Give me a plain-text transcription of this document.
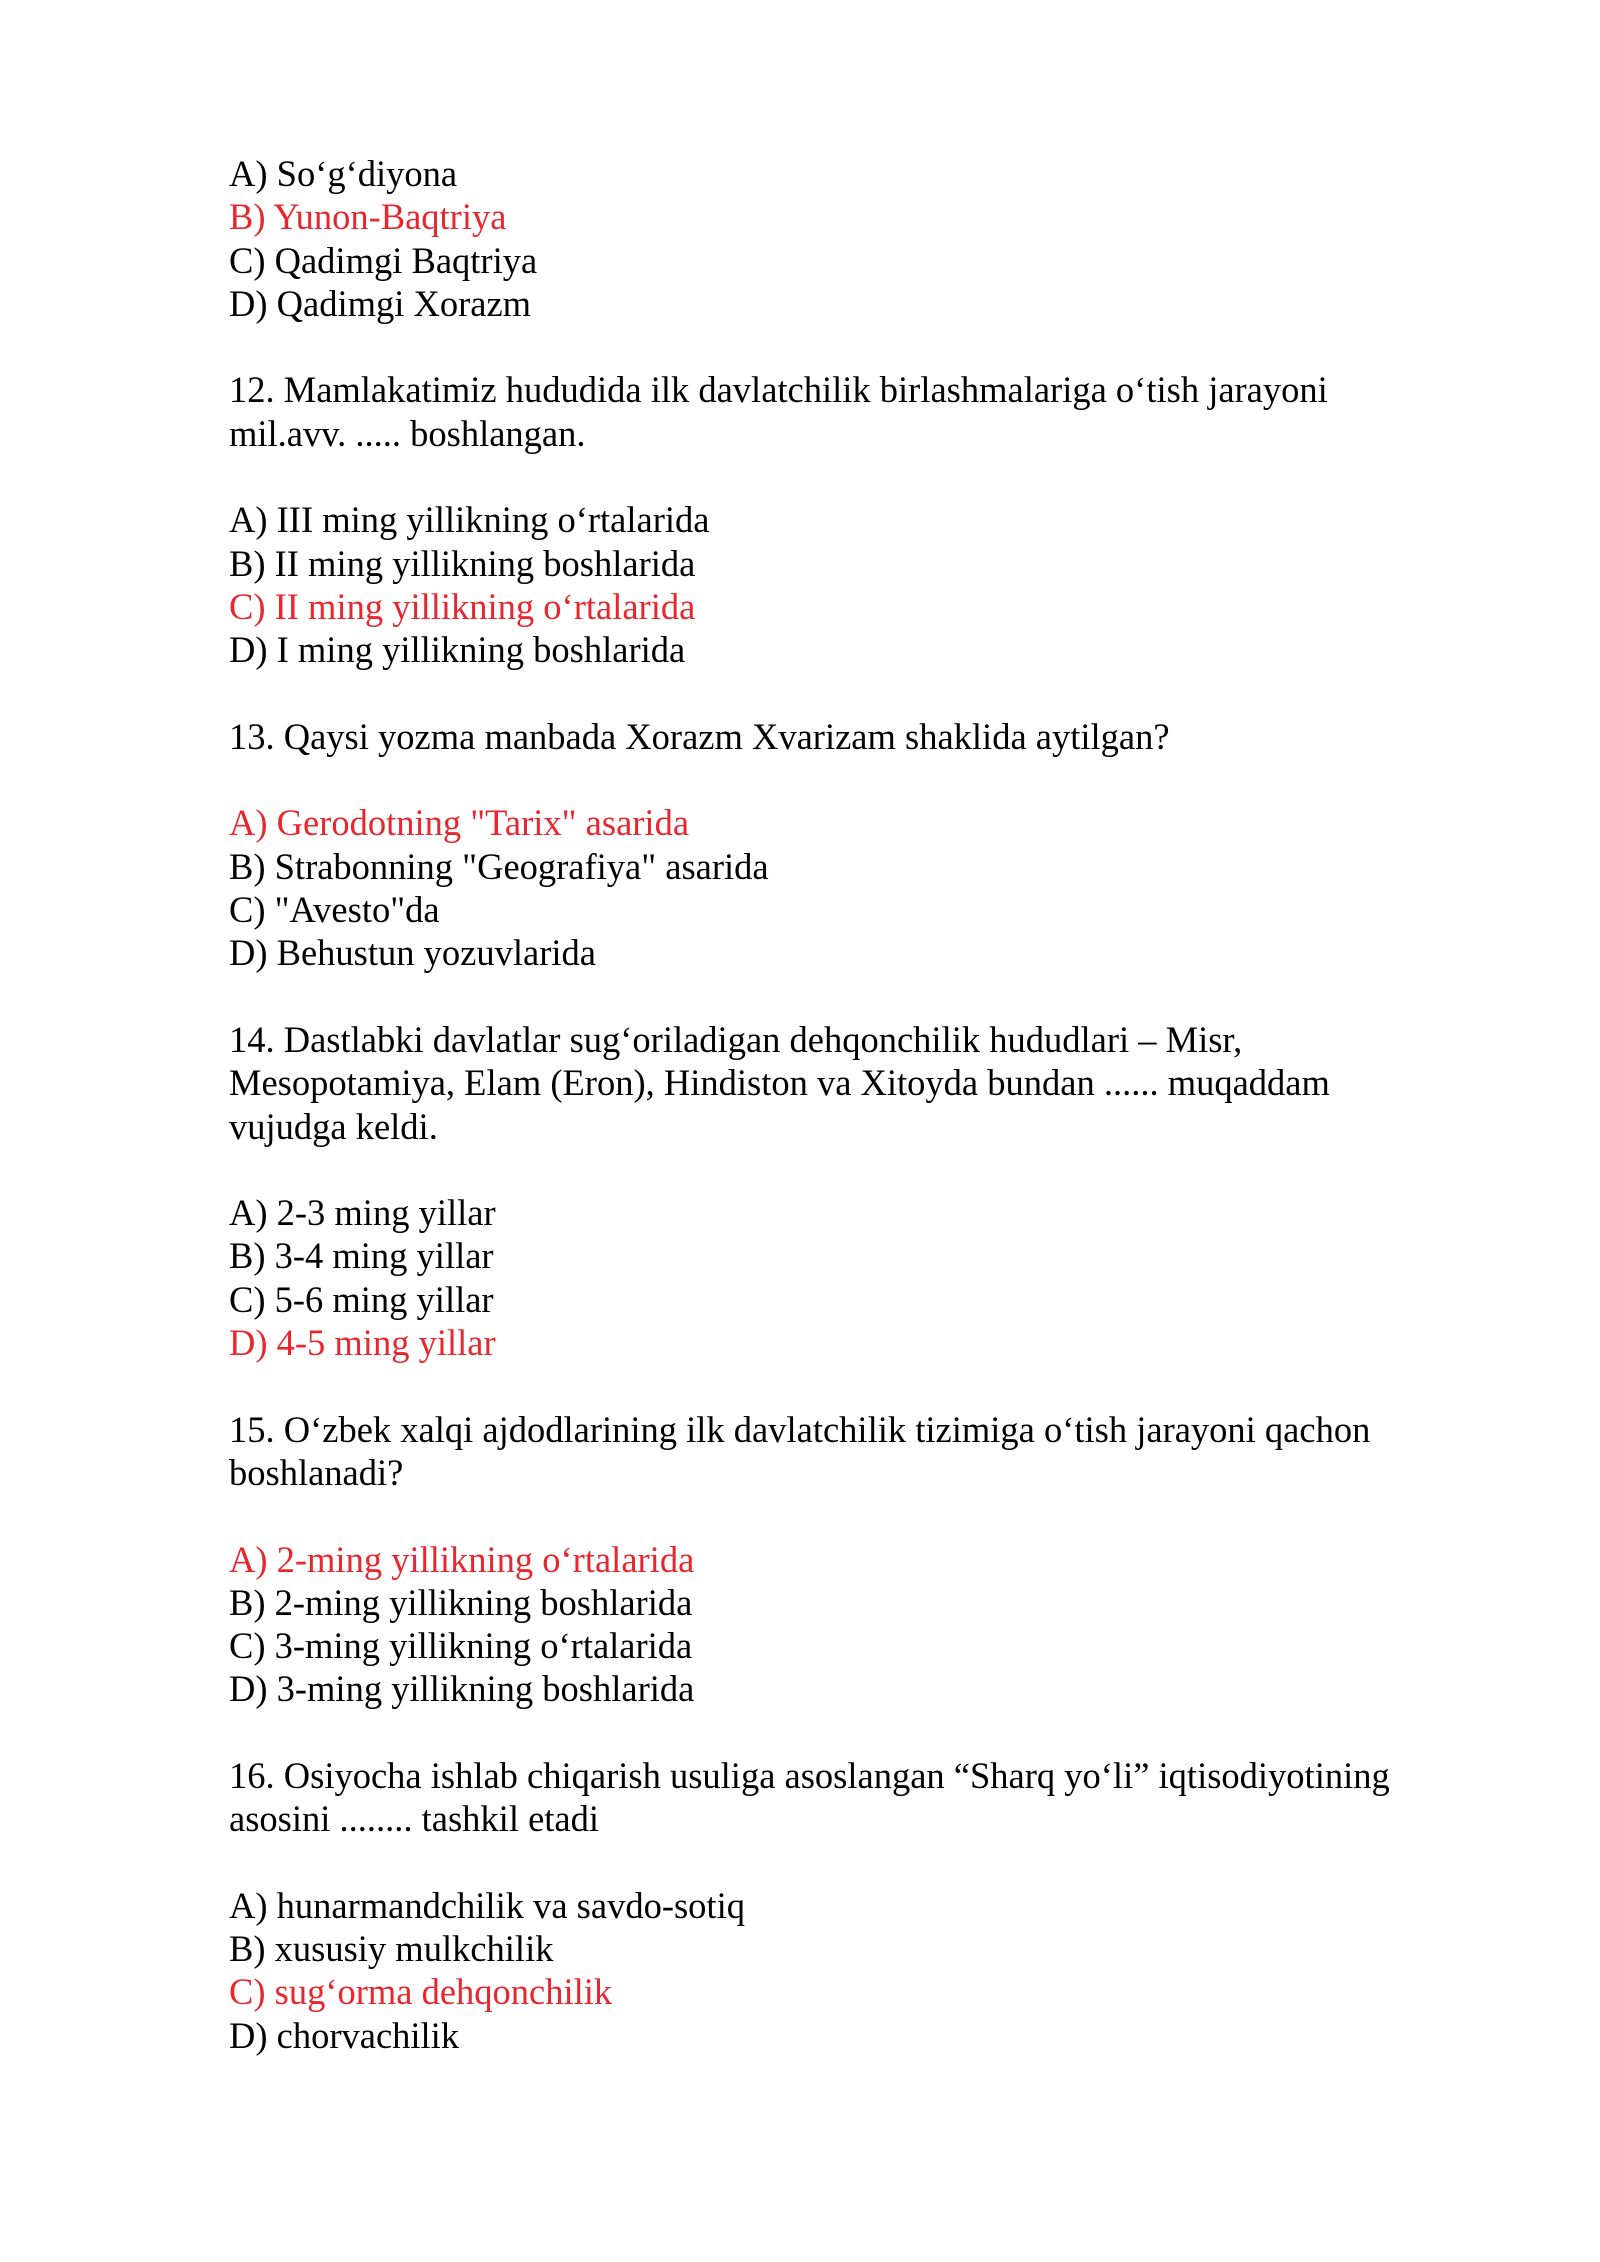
A) So‘g‘diyona
B) Yunon-Baqtriya
C) Qadimgi Baqtriya
D) Qadimgi Xorazm
12. Mamlakatimiz hududida ilk davlatchilik birlashmalariga o‘tish jarayoni
mil.avv. ..... boshlangan.
A) III ming yillikning o‘rtalarida
B) II ming yillikning boshlarida
C) II ming yillikning o‘rtalarida
D) I ming yillikning boshlarida
13. Qaysi yozma manbada Xorazm Xvarizam shaklida aytilgan?
A) Gerodotning "Tarix" asarida
B) Strabonning "Geografiya" asarida
C) "Avesto"da
D) Behustun yozuvlarida
14. Dastlabki davlatlar sug‘oriladigan dehqonchilik hududlari – Misr,
Mesopotamiya, Elam (Eron), Hindiston va Xitoyda bundan ...... muqaddam
vujudga keldi.
A) 2-3 ming yillar
B) 3-4 ming yillar
C) 5-6 ming yillar
D) 4-5 ming yillar
15. O‘zbek xalqi ajdodlarining ilk davlatchilik tizimiga o‘tish jarayoni qachon
boshlanadi?
A) 2-ming yillikning o‘rtalarida
B) 2-ming yillikning boshlarida
C) 3-ming yillikning o‘rtalarida
D) 3-ming yillikning boshlarida
16. Osiyocha ishlab chiqarish usuliga asoslangan “Sharq yo‘li” iqtisodiyotining
asosini ........ tashkil etadi
A) hunarmandchilik va savdo-sotiq
B) xususiy mulkchilik
C) sug‘orma dehqonchilik
D) chorvachilik
